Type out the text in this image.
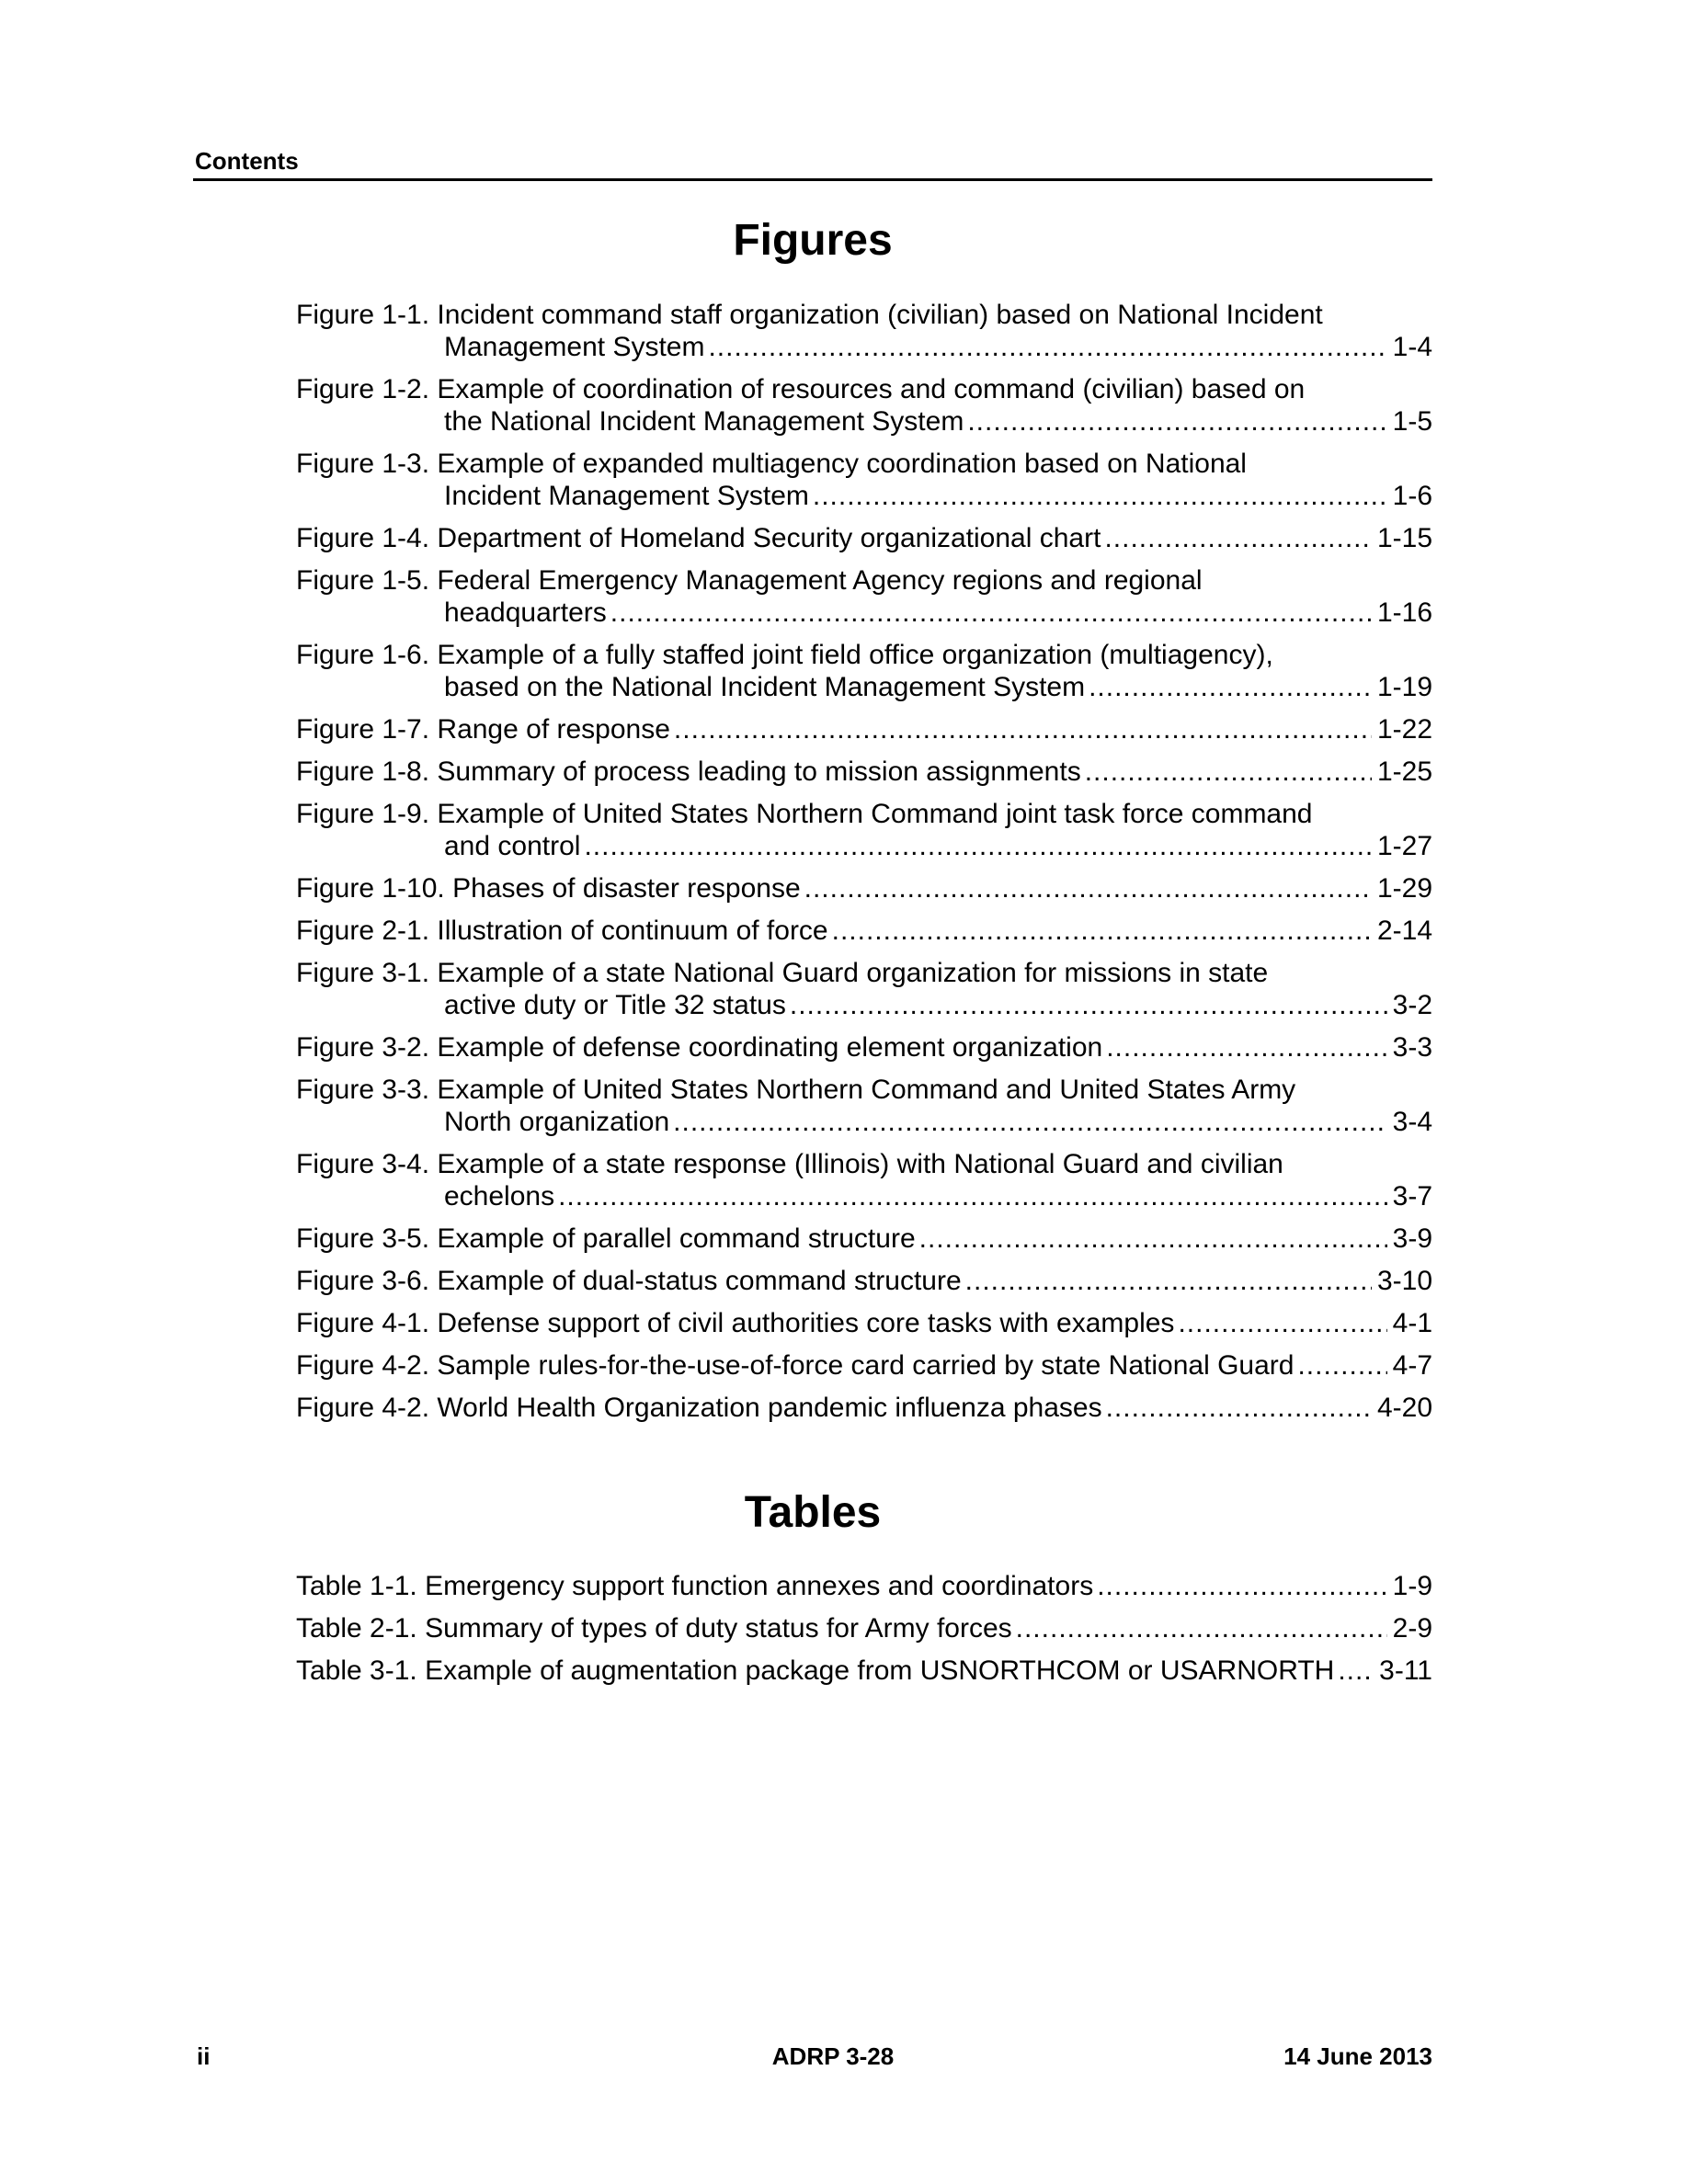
Contents
Figures
Figure 1-1. Incident command staff organization (civilian) based on National Incident
Management System .....	1-4
Figure 1-2. Example of coordination of resources and command (civilian) based on
the National Incident Management System .....	1-5
Figure 1-3. Example of expanded multiagency coordination based on National
Incident Management System .....	1-6
Figure 1-4. Department of Homeland Security organizational chart .....	1-15
Figure 1-5. Federal Emergency Management Agency regions and regional
headquarters .....	1-16
Figure 1-6. Example of a fully staffed joint field office organization (multiagency),
based on the National Incident Management System .....	1-19
Figure 1-7. Range of response .....	1-22
Figure 1-8. Summary of process leading to mission assignments .....	1-25
Figure 1-9. Example of United States Northern Command joint task force command
and control .....	1-27
Figure 1-10. Phases of disaster response .....	1-29
Figure 2-1. Illustration of continuum of force .....	2-14
Figure 3-1. Example of a state National Guard organization for missions in state
active duty or Title 32 status .....	3-2
Figure 3-2. Example of defense coordinating element organization .....	3-3
Figure 3-3. Example of United States Northern Command and United States Army
North organization .....	3-4
Figure 3-4. Example of a state response (Illinois) with National Guard and civilian
echelons .....	3-7
Figure 3-5. Example of parallel command structure .....	3-9
Figure 3-6. Example of dual-status command structure .....	3-10
Figure 4-1. Defense support of civil authorities core tasks with examples .....	4-1
Figure 4-2. Sample rules-for-the-use-of-force card carried by state National Guard .....	4-7
Figure 4-2. World Health Organization pandemic influenza phases .....	4-20
Tables
Table 1-1. Emergency support function annexes and coordinators .....	1-9
Table 2-1. Summary of types of duty status for Army forces .....	2-9
Table 3-1. Example of augmentation package from USNORTHCOM or USARNORTH ..... 3-11
ii	ADRP 3-28	14 June 2013
